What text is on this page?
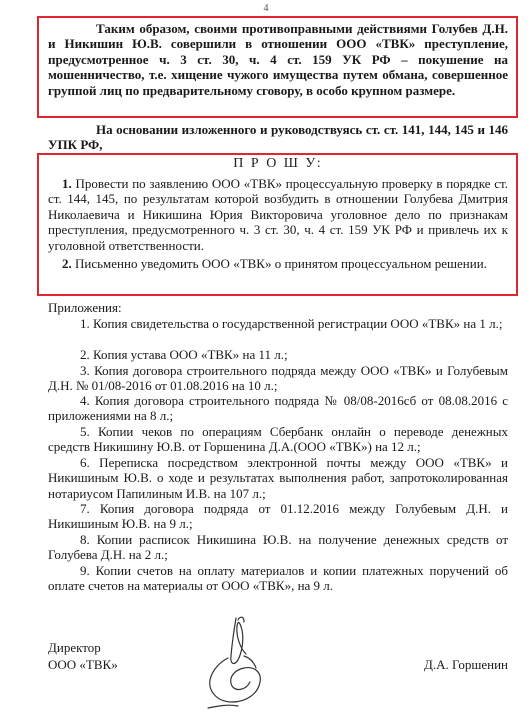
4

Таким образом, своими противоправными действиями Голубев Д.Н. и Никишин Ю.В. совершили в отношении ООО «ТВК» преступление, предусмотренное ч. 3 ст. 30, ч. 4 ст. 159 УК РФ – покушение на мошенничество, т.е. хищение чужого имущества путем обмана, совершенное группой лиц по предварительному сговору, в особо крупном размере.

На основании изложенного и руководствуясь ст. ст. 141, 144, 145 и 146 УПК РФ,

П Р О Ш У:

1. Провести по заявлению ООО «ТВК» процессуальную проверку в порядке ст. ст. 144, 145, по результатам которой возбудить в отношении Голубева Дмитрия Николаевича и Никишина Юрия Викторовича уголовное дело по признакам преступления, предусмотренного ч. 3 ст. 30, ч. 4 ст. 159 УК РФ и привлечь их к уголовной ответственности.

2. Письменно уведомить ООО «ТВК» о принятом процессуальном решении.

Приложения:

1. Копия свидетельства о государственной регистрации ООО «ТВК» на 1 л.;

2. Копия устава ООО «ТВК» на 11 л.;

3. Копия договора строительного подряда между ООО «ТВК» и Голубевым Д.Н. № 01/08-2016 от 01.08.2016 на 10 л.;

4. Копия договора строительного подряда № 08/08-2016сб от 08.08.2016 с приложениями на 8 л.;

5. Копии чеков по операциям Сбербанк онлайн о переводе денежных средств Никишину Ю.В. от Горшенина Д.А.(ООО «ТВК») на 12 л.;

6. Переписка посредством электронной почты между ООО «ТВК» и Никишиным Ю.В. о ходе и результатах выполнения работ, запротоколированная нотариусом Папилиным И.В. на 107 л.;

7. Копия договора подряда от 01.12.2016 между Голубевым Д.Н. и Никишиным Ю.В. на 9 л.;

8. Копии расписок Никишина Ю.В. на получение денежных средств от Голубева Д.Н. на 2 л.;

9. Копии счетов на оплату материалов и копии платежных поручений об оплате счетов на материалы от ООО «ТВК», на 9 л.

Директор
ООО «ТВК»	Д.А. Горшенин
